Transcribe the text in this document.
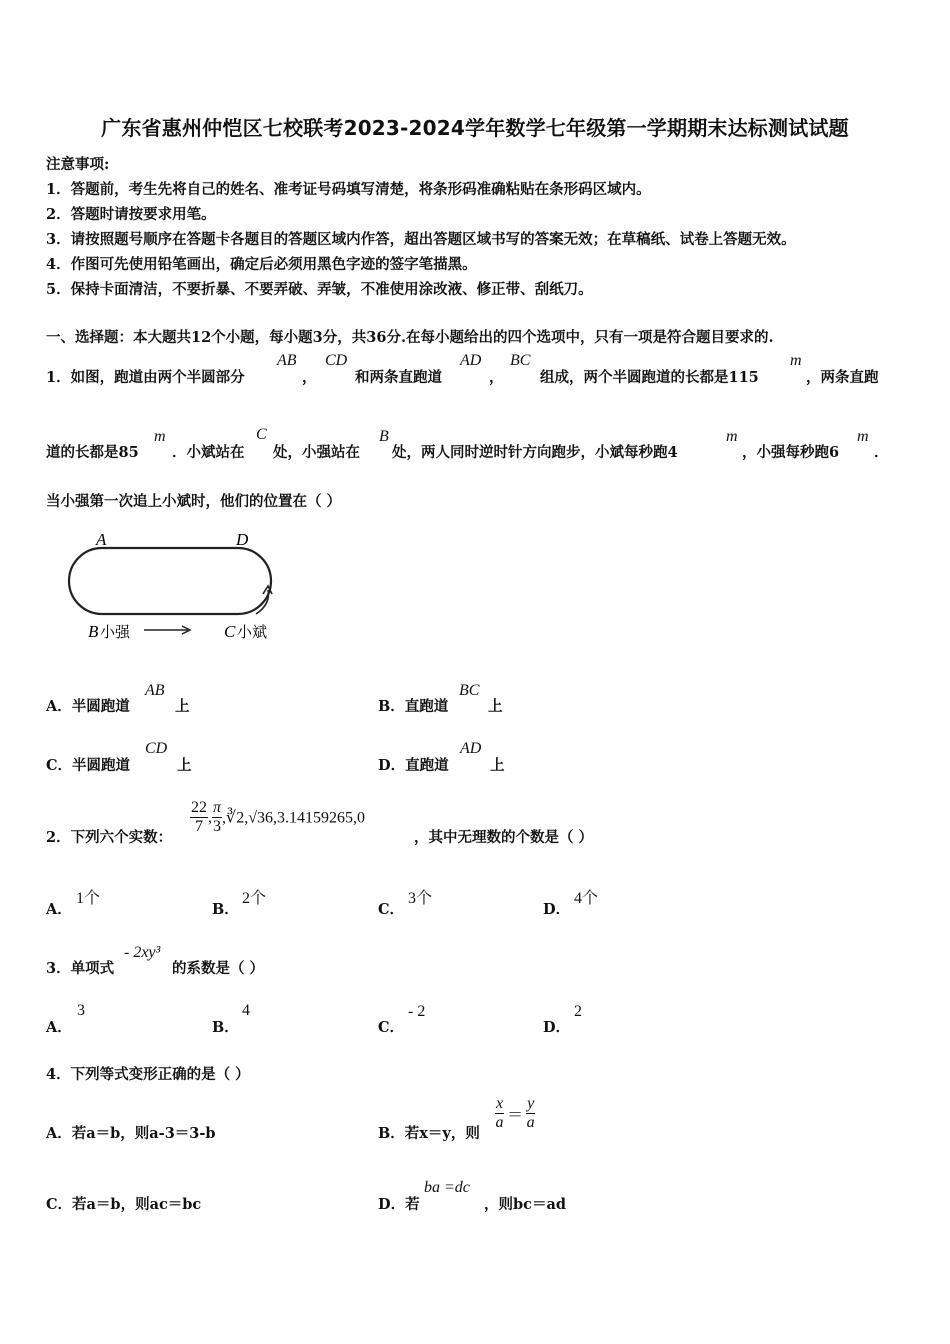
广东省惠州仲恺区七校联考2023-2024学年数学七年级第一学期期末达标测试试题
注意事项:
1．答题前，考生先将自己的姓名、准考证号码填写清楚，将条形码准确粘贴在条形码区域内。
2．答题时请按要求用笔。
3．请按照题号顺序在答题卡各题目的答题区域内作答，超出答题区域书写的答案无效；在草稿纸、试卷上答题无效。
4．作图可先使用铅笔画出，确定后必须用黑色字迹的签字笔描黑。
5．保持卡面清洁，不要折暴、不要弄破、弄皱，不准使用涂改液、修正带、刮纸刀。
一、选择题：本大题共12个小题，每小题3分，共36分.在每小题给出的四个选项中，只有一项是符合题目要求的.
1．如图，跑道由两个半圆部分
AB
，
CD
和两条直跑道
AD
，
BC
组成，两个半圆跑道的长都是115
m
，两条直跑
道的长都是85
m
．小斌站在
C
处，小强站在
B
处，两人同时逆时针方向跑步，小斌每秒跑4
m
，小强每秒跑6
m
．
当小强第一次追上小斌时，他们的位置在（ ）
A	D
B 小强	C 小斌
A．半圆跑道
AB
上	B．直跑道
BC
上
C．半圆跑道
CD
上	D．直跑道
AD
上
2．下列六个实数：
$\frac{22}{7}$ , $\frac{\pi}{3}$ ,∛2,√36,3.14159265,0
，其中无理数的个数是（ ）
A．
1个
B．
2个
C．
3个
D．
4个
3．单项式
- 2xy³
的系数是（ ）
A．
3
B．
4
C．
- 2
D．
2
4．下列等式变形正确的是（ ）
A．若a＝b，则a-3＝3-b	B．若x＝y，则
$\frac{x}{a} = \frac{y}{a}$
C．若a＝b，则ac＝bc	D．若
ba =dc
，则bc＝ad
